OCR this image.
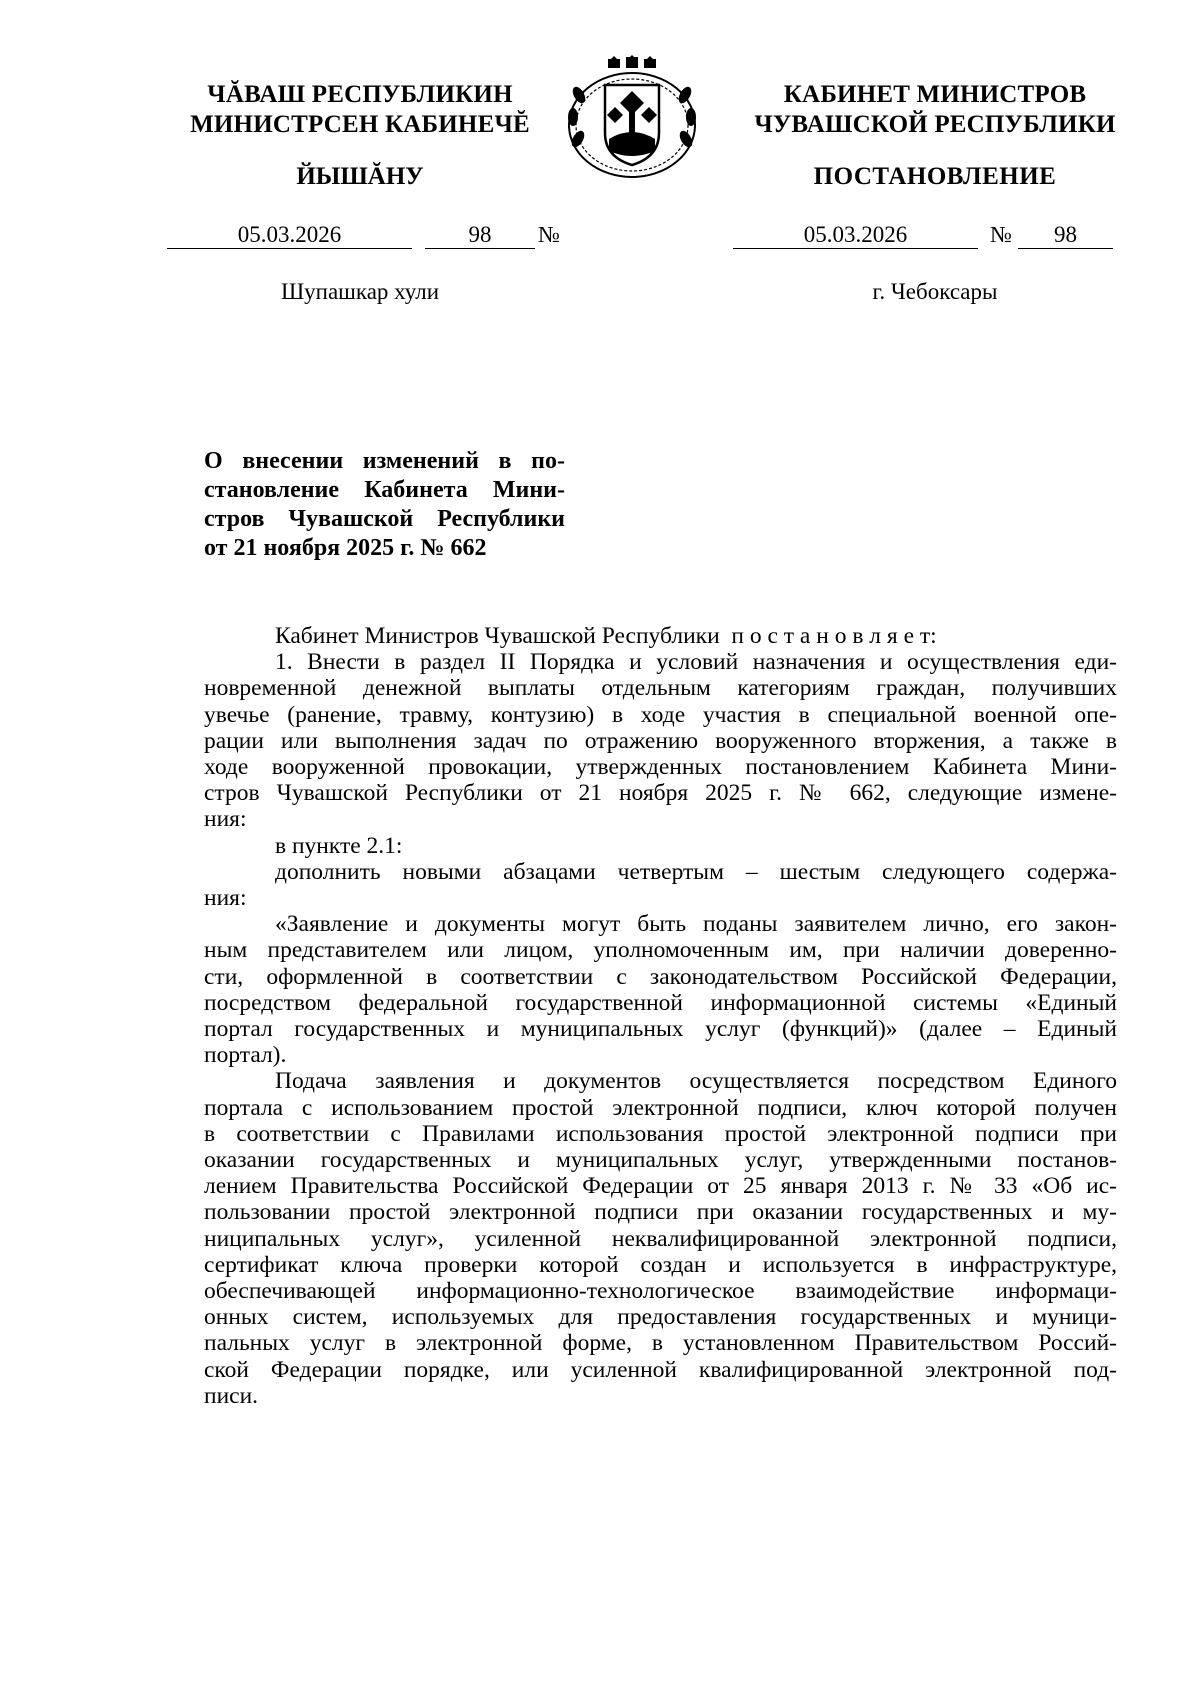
ЧĂВАШ РЕСПУБЛИКИН
МИНИСТРСЕН КАБИНЕЧĔ
ЙЫШĂНУ
КАБИНЕТ МИНИСТРОВ
ЧУВАШСКОЙ РЕСПУБЛИКИ
ПОСТАНОВЛЕНИЕ
05.03.2026	98	№	05.03.2026	№	98
Шупашкар хули	г. Чебоксары
О внесении изменений в по-
становление Кабинета Мини-
стров Чувашской Республики
от 21 ноября 2025 г. № 662

Кабинет Министров Чувашской Республики п о с т а н о в л я е т:

1. Внести в раздел II Порядка и условий назначения и осуществления еди-
новременной денежной выплаты отдельным категориям граждан, получивших
увечье (ранение, травму, контузию) в ходе участия в специальной военной опе-
рации или выполнения задач по отражению вооруженного вторжения, а также в
ходе вооруженной провокации, утвержденных постановлением Кабинета Мини-
стров Чувашской Республики от 21 ноября 2025 г. № 662, следующие измене-
ния:
в пункте 2.1:
дополнить новыми абзацами четвертым – шестым следующего содержа-
ния:
«Заявление и документы могут быть поданы заявителем лично, его закон-
ным представителем или лицом, уполномоченным им, при наличии доверенно-
сти, оформленной в соответствии с законодательством Российской Федерации,
посредством федеральной государственной информационной системы «Единый
портал государственных и муниципальных услуг (функций)» (далее – Единый
портал).
Подача заявления и документов осуществляется посредством Единого
портала с использованием простой электронной подписи, ключ которой получен
в соответствии с Правилами использования простой электронной подписи при
оказании государственных и муниципальных услуг, утвержденными постанов-
лением Правительства Российской Федерации от 25 января 2013 г. № 33 «Об ис-
пользовании простой электронной подписи при оказании государственных и му-
ниципальных услуг», усиленной неквалифицированной электронной подписи,
сертификат ключа проверки которой создан и используется в инфраструктуре,
обеспечивающей информационно-технологическое взаимодействие информаци-
онных систем, используемых для предоставления государственных и муници-
пальных услуг в электронной форме, в установленном Правительством Россий-
ской Федерации порядке, или усиленной квалифицированной электронной под-
писи.
